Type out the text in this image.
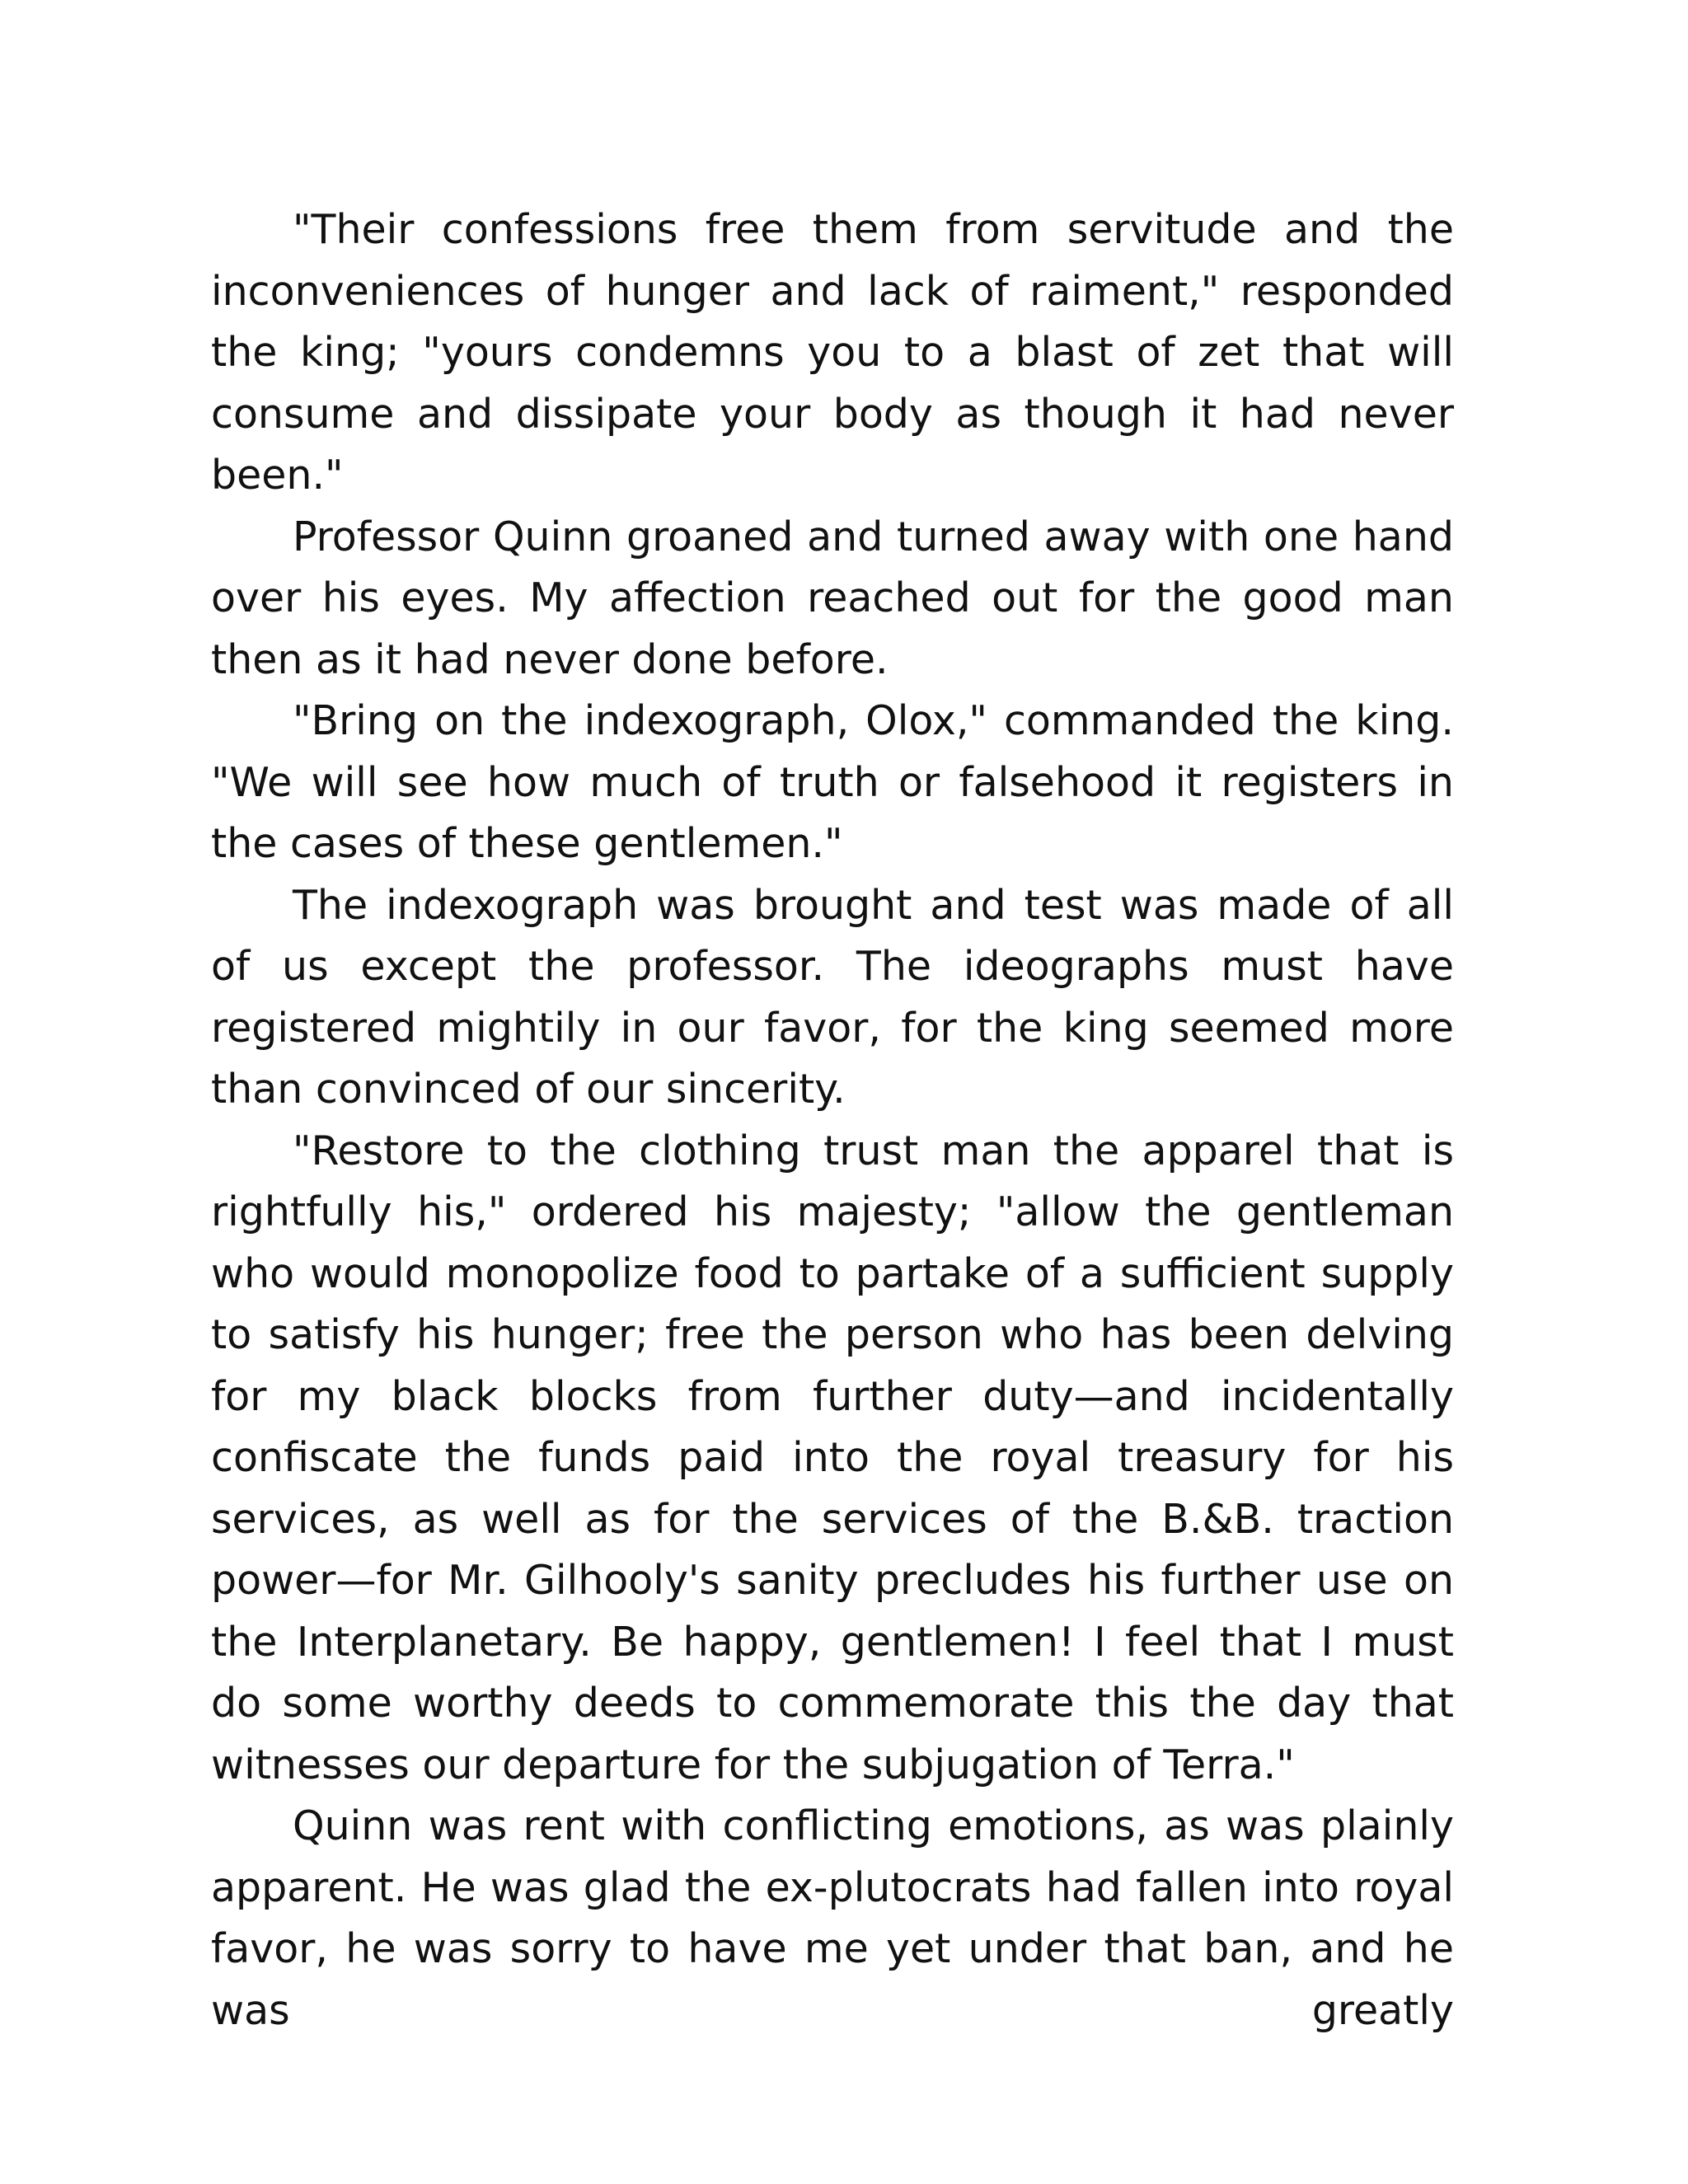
"Their confessions free them from servitude and the inconveniences of hunger and lack of raiment," responded the king; "yours condemns you to a blast of zet that will consume and dissipate your body as though it had never been."

Professor Quinn groaned and turned away with one hand over his eyes. My affection reached out for the good man then as it had never done before.

"Bring on the indexograph, Olox," commanded the king. "We will see how much of truth or falsehood it registers in the cases of these gentlemen."

The indexograph was brought and test was made of all of us except the professor. The ideographs must have registered mightily in our favor, for the king seemed more than convinced of our sincerity.

"Restore to the clothing trust man the apparel that is rightfully his," ordered his majesty; "allow the gentleman who would monopolize food to partake of a sufficient supply to satisfy his hunger; free the person who has been delving for my black blocks from further duty—and incidentally confiscate the funds paid into the royal treasury for his services, as well as for the services of the B.&B. traction power—for Mr. Gilhooly's sanity precludes his further use on the Interplanetary. Be happy, gentlemen! I feel that I must do some worthy deeds to commemorate this the day that witnesses our departure for the subjugation of Terra."

Quinn was rent with conflicting emotions, as was plainly apparent. He was glad the ex-plutocrats had fallen into royal favor, he was sorry to have me yet under that ban, and he was greatly
